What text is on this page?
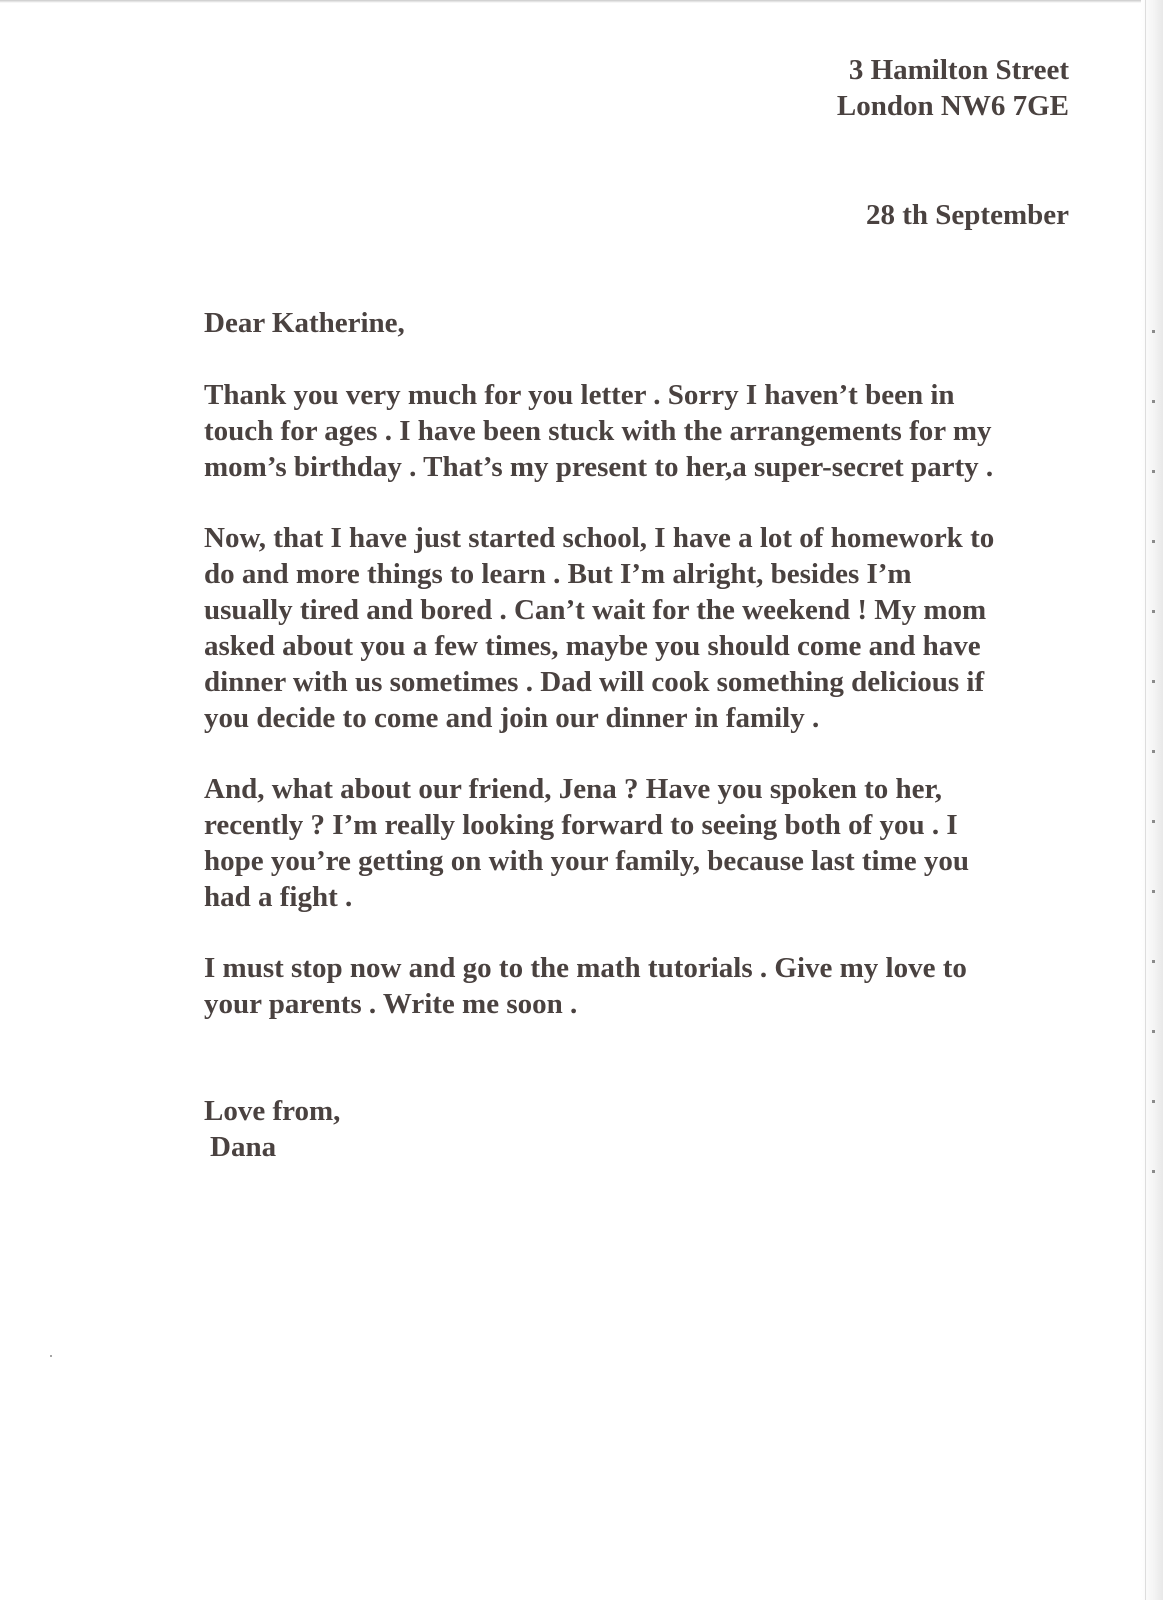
3 Hamilton Street
London NW6 7GE
28 th September
Dear Katherine,
Thank you very much for you letter . Sorry I haven’t been in
touch for ages . I have been stuck with the arrangements for my
mom’s birthday . That’s my present to her,a super-secret party .
Now, that I have just started school, I have a lot of homework to
do and more things to learn . But I’m alright, besides I’m
usually tired and bored . Can’t wait for the weekend ! My mom
asked about you a few times, maybe you should come and have
dinner with us sometimes . Dad will cook something delicious if
you decide to come and join our dinner in family .
And, what about our friend, Jena ? Have you spoken to her,
recently ? I’m really looking forward to seeing both of you . I
hope you’re getting on with your family, because last time you
had a fight .
I must stop now and go to the math tutorials . Give my love to
your parents . Write me soon .
Love from,
Dana
